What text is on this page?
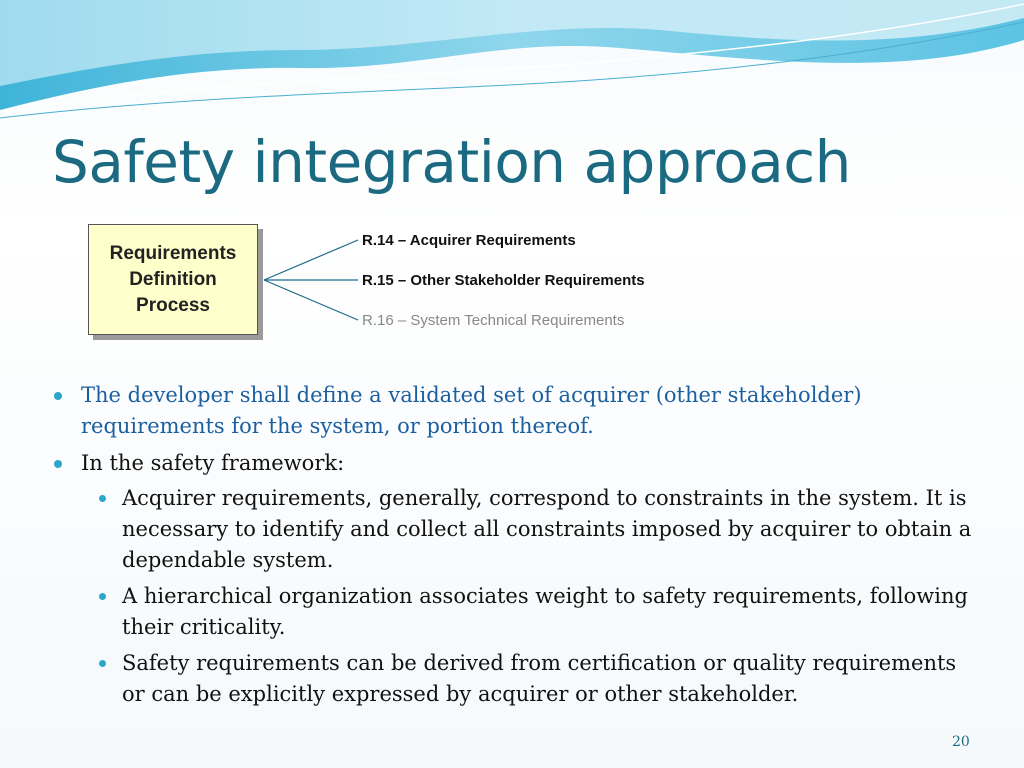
Safety integration approach
Requirements
Definition
Process
R.14 – Acquirer Requirements
R.15 – Other Stakeholder Requirements
R.16 – System Technical Requirements
The developer shall define a validated set of acquirer (other stakeholder) requirements for the system, or portion thereof.
In the safety framework:
Acquirer requirements, generally, correspond to constraints in the system. It is necessary to identify and collect all constraints imposed by acquirer to obtain a dependable system.
A hierarchical organization associates weight to safety requirements, following their criticality.
Safety requirements can be derived from certification or quality requirements or can be explicitly expressed by acquirer or other stakeholder.
20
